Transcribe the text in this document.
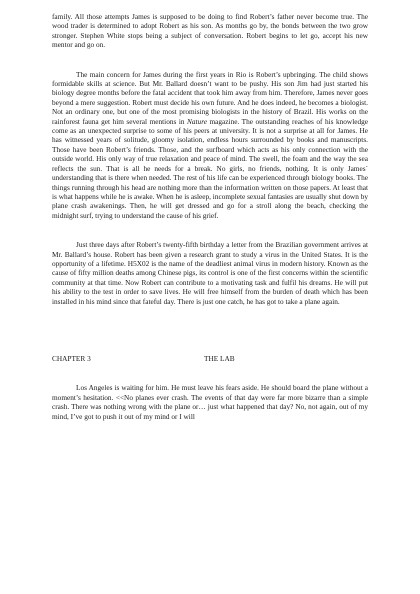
family. All those attempts James is supposed to be doing to find Robert’s father never become true. The wood trader is determined to adopt Robert as his son. As months go by, the bonds between the two grow stronger. Stephen White stops being a subject of conversation. Robert begins to let go, accept his new mentor and go on.

The main concern for James during the first years in Rio is Robert’s upbringing. The child shows formidable skills at science. But Mr. Ballard doesn’t want to be pushy. His son Jim had just started his biology degree months before the fatal accident that took him away from him. Therefore, James never goes beyond a mere suggestion. Robert must decide his own future. And he does indeed, he becomes a biologist. Not an ordinary one, but one of the most promising biologists in the history of Brazil. His works on the rainforest fauna get him several mentions in Nature magazine. The outstanding reaches of his knowledge come as an unexpected surprise to some of his peers at university. It is not a surprise at all for James. He has witnessed years of solitude, gloomy isolation, endless hours surrounded by books and manuscripts. Those have been Robert’s friends. Those, and the surfboard which acts as his only connection with the outside world. His only way of true relaxation and peace of mind. The swell, the foam and the way the sea reflects the sun. That is all he needs for a break. No girls, no friends, nothing. It is only James´ understanding that is there when needed. The rest of his life can be experienced through biology books. The things running through his head are nothing more than the information written on those papers. At least that is what happens while he is awake. When he is asleep, incomplete sexual fantasies are usually shut down by plane crash awakenings. Then, he will get dressed and go for a stroll along the beach, checking the midnight surf, trying to understand the cause of his grief.

Just three days after Robert’s twenty-fifth birthday a letter from the Brazilian government arrives at Mr. Ballard’s house. Robert has been given a research grant to study a virus in the United States. It is the opportunity of a lifetime. H5X02 is the name of the deadliest animal virus in modern history. Known as the cause of fifty million deaths among Chinese pigs, its control is one of the first concerns within the scientific community at that time. Now Robert can contribute to a motivating task and fulfil his dreams. He will put his ability to the test in order to save lives. He will free himself from the burden of death which has been installed in his mind since that fateful day. There is just one catch, he has got to take a plane again.

CHAPTER 3	THE LAB

Los Angeles is waiting for him. He must leave his fears aside. He should board the plane without a moment’s hesitation. <<No planes ever crash. The events of that day were far more bizarre than a simple crash. There was nothing wrong with the plane or… just what happened that day? No, not again, out of my mind, I’ve got to push it out of my mind or I will
